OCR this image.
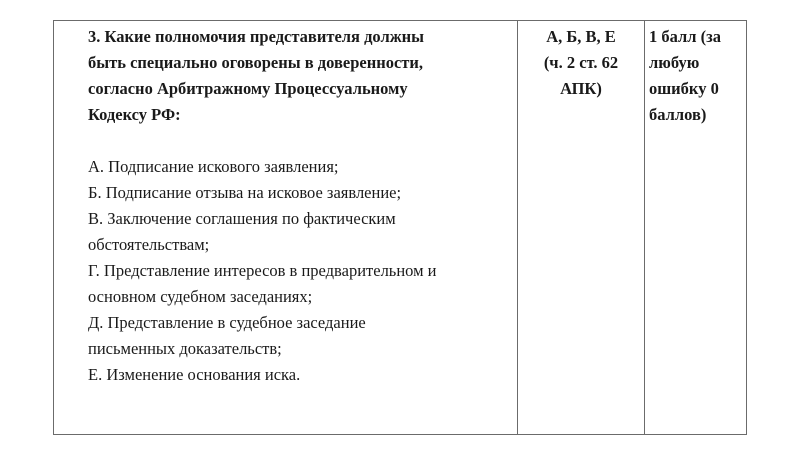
3. Какие полномочия представителя должны
быть специально оговорены в доверенности,
согласно Арбитражному Процессуальному
Кодексу РФ:
А. Подписание искового заявления;
Б. Подписание отзыва на исковое заявление;
В. Заключение соглашения по фактическим
обстоятельствам;
Г. Представление интересов в предварительном и
основном судебном заседаниях;
Д. Представление в судебное заседание
письменных доказательств;
Е. Изменение основания иска.

А, Б, В, Е
(ч. 2 ст. 62
АПК)

1 балл (за
любую
ошибку 0
баллов)
